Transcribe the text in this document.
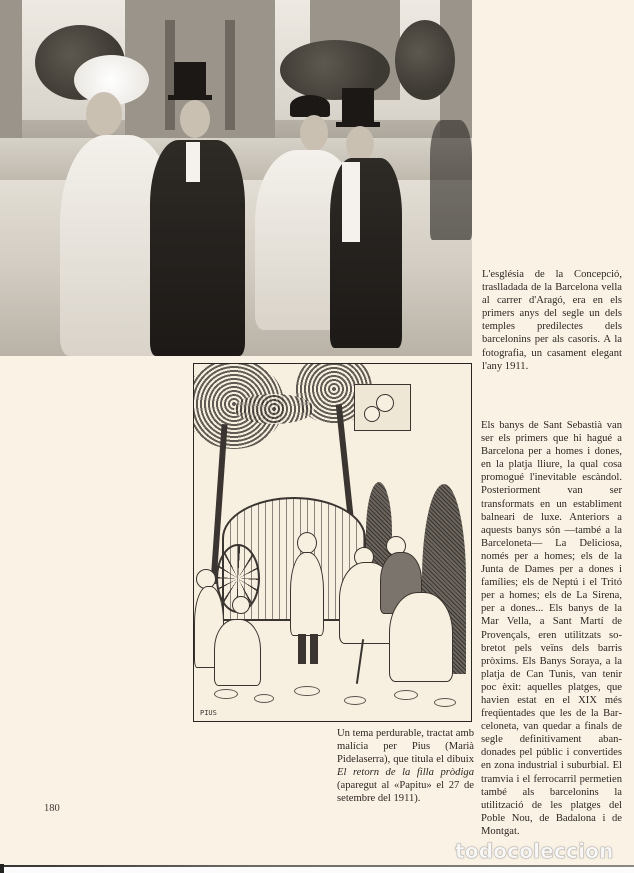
L'església de la Concepció, traslladada de la Barcelona vella al carrer d'Aragó, era en els primers anys del segle un dels temples predilectes dels barcelonins per als casoris. A la fotografia, un casament elegant l'any 1911.
PIUS
Un tema perdurable, tractat amb malícia per Pius (Marià Pidelaserra), que titula el dibuix El retorn de la filla pròdiga (aparegut al «Papitu» el 27 de setembre del 1911).
Els banys de Sant Sebastià van ser els primers que hi hagué a Barcelona per a homes i dones, en la platja lliure, la qual cosa promogué l'inevitable escàndol. Posteriorment van ser transformats en un establiment balneari de luxe. Anteriors a aquests banys són —també a la Barceloneta— La Deliciosa, només per a homes; els de la Junta de Dames per a dones i famílies; els de Neptú i el Tritó per a homes; els de La Sirena, per a dones... Els banys de la Mar Vella, a Sant Martí de Provençals, eren utilitzats sobretot pels veïns dels barris pròxims. Els Banys Soraya, a la platja de Can Tunis, van tenir poc èxit: aquelles platges, que havien estat en el XIX més freqüentades que les de la Barceloneta, van quedar a finals de segle definitivament abandonades pel públic i convertides en zona industrial i suburbial. El tramvia i el ferrocarril permetien també als barcelonins la utilització de les platges del Poble Nou, de Badalona i de Montgat.
180
todocoleccion
